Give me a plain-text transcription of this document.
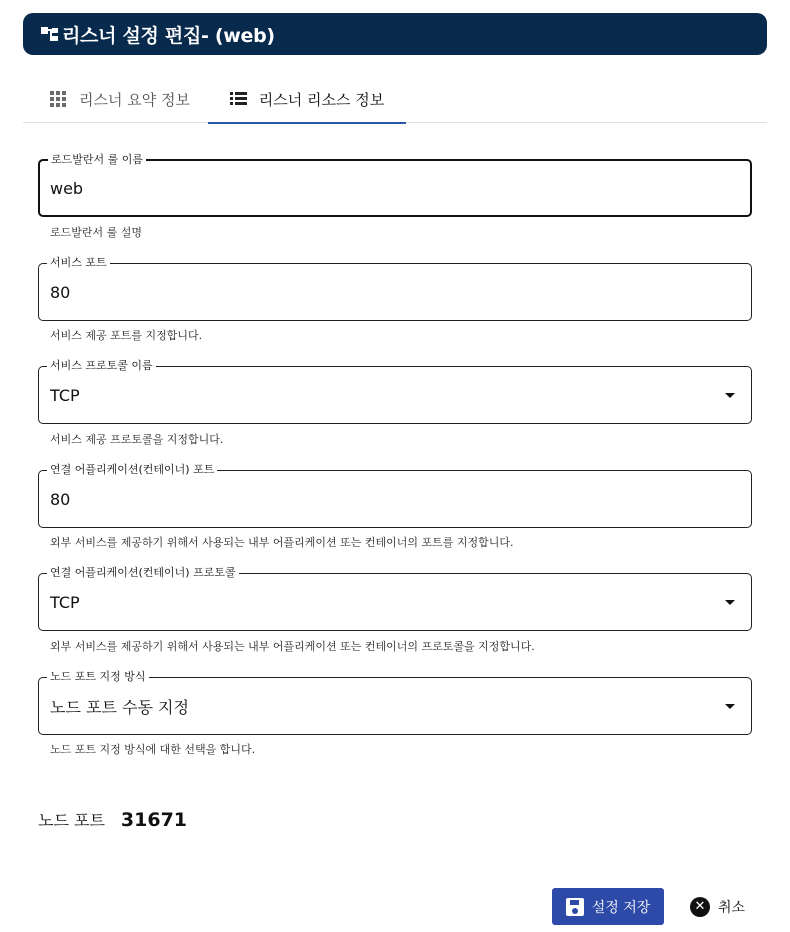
리스너 설정 편집- (web)
리스너 요약 정보	리스너 리소스 정보
로드발란서 룰 이름
web
로드발란서 룰 설명
서비스 포트
80
서비스 제공 포트를 지정합니다.
서비스 프로토콜 이름
TCP
서비스 제공 프로토콜을 지정합니다.
연결 어플리케이션(컨테이너) 포트
80
외부 서비스를 제공하기 위해서 사용되는 내부 어플리케이션 또는 컨테이너의 포트를 지정합니다.
연결 어플리케이션(컨테이너) 프로토콜
TCP
외부 서비스를 제공하기 위해서 사용되는 내부 어플리케이션 또는 컨테이너의 프로토콜을 지정합니다.
노드 포트 지정 방식
노드 포트 수동 지정
노드 포트 지정 방식에 대한 선택을 합니다.
노드 포트 31671
설정 저장	✕ 취소
